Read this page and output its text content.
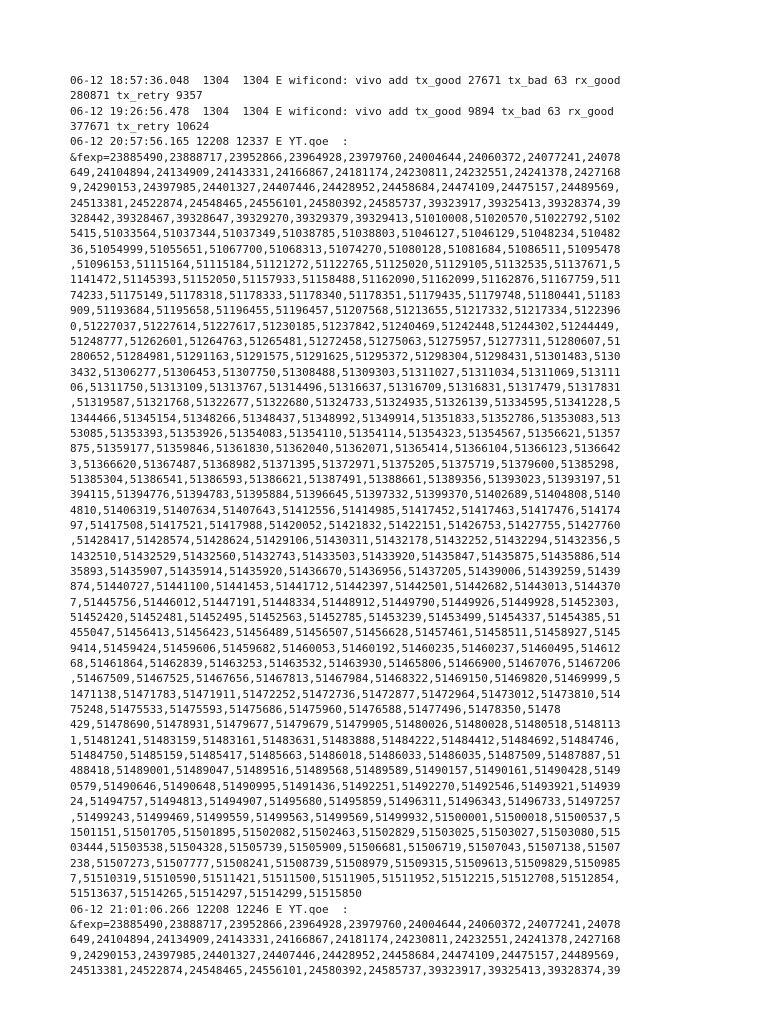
06-12 18:57:36.048  1304  1304 E wificond: vivo add tx_good 27671 tx_bad 63 rx_good
280871 tx_retry 9357
06-12 19:26:56.478  1304  1304 E wificond: vivo add tx_good 9894 tx_bad 63 rx_good
377671 tx_retry 10624
06-12 20:57:56.165 12208 12337 E YT.qoe  :
&fexp=23885490,23888717,23952866,23964928,23979760,24004644,24060372,24077241,24078
649,24104894,24134909,24143331,24166867,24181174,24230811,24232551,24241378,2427168
9,24290153,24397985,24401327,24407446,24428952,24458684,24474109,24475157,24489569,
24513381,24522874,24548465,24556101,24580392,24585737,39323917,39325413,39328374,39
328442,39328467,39328647,39329270,39329379,39329413,51010008,51020570,51022792,5102
5415,51033564,51037344,51037349,51038785,51038803,51046127,51046129,51048234,510482
36,51054999,51055651,51067700,51068313,51074270,51080128,51081684,51086511,51095478
,51096153,51115164,51115184,51121272,51122765,51125020,51129105,51132535,51137671,5
1141472,51145393,51152050,51157933,51158488,51162090,51162099,51162876,51167759,511
74233,51175149,51178318,51178333,51178340,51178351,51179435,51179748,51180441,51183
909,51193684,51195658,51196455,51196457,51207568,51213655,51217332,51217334,5122396
0,51227037,51227614,51227617,51230185,51237842,51240469,51242448,51244302,51244449,
51248777,51262601,51264763,51265481,51272458,51275063,51275957,51277311,51280607,51
280652,51284981,51291163,51291575,51291625,51295372,51298304,51298431,51301483,5130
3432,51306277,51306453,51307750,51308488,51309303,51311027,51311034,51311069,513111
06,51311750,51313109,51313767,51314496,51316637,51316709,51316831,51317479,51317831
,51319587,51321768,51322677,51322680,51324733,51324935,51326139,51334595,51341228,5
1344466,51345154,51348266,51348437,51348992,51349914,51351833,51352786,51353083,513
53085,51353393,51353926,51354083,51354110,51354114,51354323,51354567,51356621,51357
875,51359177,51359846,51361830,51362040,51362071,51365414,51366104,51366123,5136642
3,51366620,51367487,51368982,51371395,51372971,51375205,51375719,51379600,51385298,
51385304,51386541,51386593,51386621,51387491,51388661,51389356,51393023,51393197,51
394115,51394776,51394783,51395884,51396645,51397332,51399370,51402689,51404808,5140
4810,51406319,51407634,51407643,51412556,51414985,51417452,51417463,51417476,514174
97,51417508,51417521,51417988,51420052,51421832,51422151,51426753,51427755,51427760
,51428417,51428574,51428624,51429106,51430311,51432178,51432252,51432294,51432356,5
1432510,51432529,51432560,51432743,51433503,51433920,51435847,51435875,51435886,514
35893,51435907,51435914,51435920,51436670,51436956,51437205,51439006,51439259,51439
874,51440727,51441100,51441453,51441712,51442397,51442501,51442682,51443013,5144370
7,51445756,51446012,51447191,51448334,51448912,51449790,51449926,51449928,51452303,
51452420,51452481,51452495,51452563,51452785,51453239,51453499,51454337,51454385,51
455047,51456413,51456423,51456489,51456507,51456628,51457461,51458511,51458927,5145
9414,51459424,51459606,51459682,51460053,51460192,51460235,51460237,51460495,514612
68,51461864,51462839,51463253,51463532,51463930,51465806,51466900,51467076,51467206
,51467509,51467525,51467656,51467813,51467984,51468322,51469150,51469820,51469999,5
1471138,51471783,51471911,51472252,51472736,51472877,51472964,51473012,51473810,514
75248,51475533,51475593,51475686,51475960,51476588,51477496,51478350,51478
429,51478690,51478931,51479677,51479679,51479905,51480026,51480028,51480518,5148113
1,51481241,51483159,51483161,51483631,51483888,51484222,51484412,51484692,51484746,
51484750,51485159,51485417,51485663,51486018,51486033,51486035,51487509,51487887,51
488418,51489001,51489047,51489516,51489568,51489589,51490157,51490161,51490428,5149
0579,51490646,51490648,51490995,51491436,51492251,51492270,51492546,51493921,514939
24,51494757,51494813,51494907,51495680,51495859,51496311,51496343,51496733,51497257
,51499243,51499469,51499559,51499563,51499569,51499932,51500001,51500018,51500537,5
1501151,51501705,51501895,51502082,51502463,51502829,51503025,51503027,51503080,515
03444,51503538,51504328,51505739,51505909,51506681,51506719,51507043,51507138,51507
238,51507273,51507777,51508241,51508739,51508979,51509315,51509613,51509829,5150985
7,51510319,51510590,51511421,51511500,51511905,51511952,51512215,51512708,51512854,
51513637,51514265,51514297,51514299,51515850
06-12 21:01:06.266 12208 12246 E YT.qoe  :
&fexp=23885490,23888717,23952866,23964928,23979760,24004644,24060372,24077241,24078
649,24104894,24134909,24143331,24166867,24181174,24230811,24232551,24241378,2427168
9,24290153,24397985,24401327,24407446,24428952,24458684,24474109,24475157,24489569,
24513381,24522874,24548465,24556101,24580392,24585737,39323917,39325413,39328374,39
